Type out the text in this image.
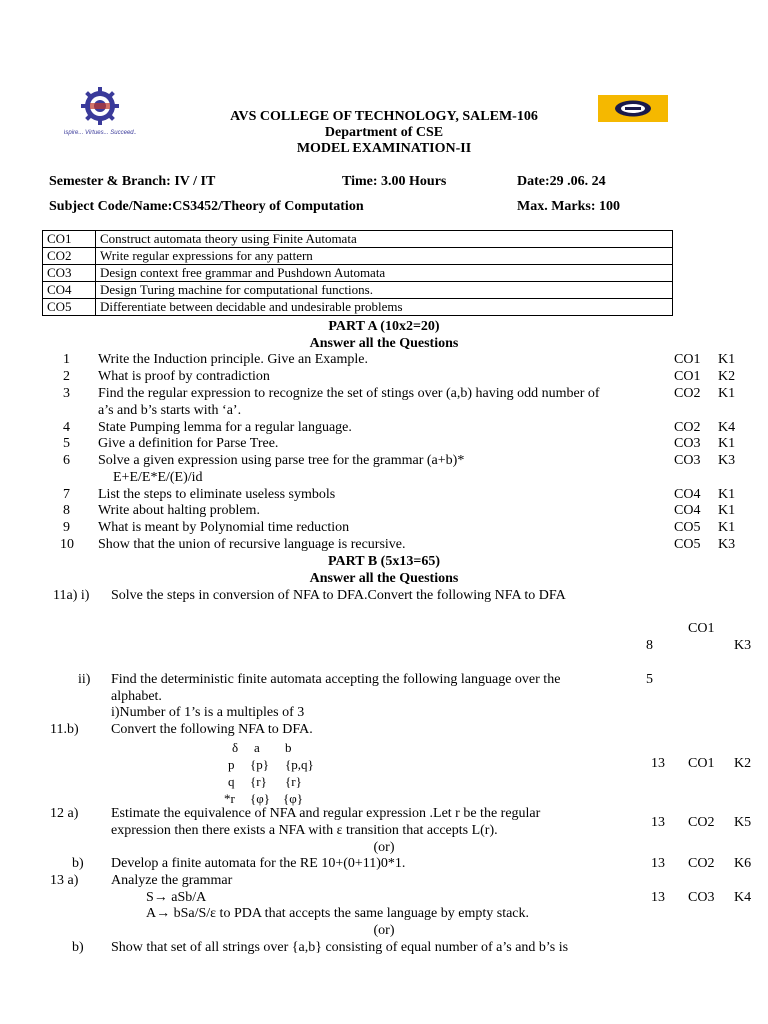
Aspire... Virtues... Succeed...
AVS COLLEGE OF TECHNOLOGY, SALEM-106
Department of CSE
MODEL EXAMINATION-II
Semester & Branch: IV / IT	Time: 3.00 Hours	Date:29 .06. 24
Subject Code/Name:CS3452/Theory of Computation	Max. Marks: 100
CO1	Construct automata theory using Finite Automata
CO2	Write regular expressions for any pattern
CO3	Design context free grammar and Pushdown Automata
CO4	Design Turing machine for computational functions.
CO5	Differentiate between decidable and undesirable problems
PART A (10x2=20)
Answer all the Questions
1 Write the Induction principle. Give an Example.	CO1 K1
2 What is proof by contradiction	CO1 K2
3 Find the regular expression to recognize the set of stings over (a,b) having odd number of	CO2 K1
a’s and b’s starts with ‘a’.
4 State Pumping lemma for a regular language.	CO2 K4
5 Give a definition for Parse Tree.	CO3 K1
6 Solve a given expression using parse tree for the grammar (a+b)*	CO3 K3
E+E/E*E/(E)/id
7 List the steps to eliminate useless symbols	CO4 K1
8 Write about halting problem.	CO4 K1
9 What is meant by Polynomial time reduction	CO5 K1
10 Show that the union of recursive language is recursive.	CO5 K3
PART B (5x13=65)
Answer all the Questions
11a) i) Solve the steps in conversion of NFA to DFA.Convert the following NFA to DFA
CO1
8	K3
ii) Find the deterministic finite automata accepting the following language over the	5
alphabet.
i)Number of 1’s is a multiples of 3
11.b) Convert the following NFA to DFA.
δ a b
p {p} {p,q}
q {r} {r}
*r {φ} {φ}
13 CO1 K2
12 a) Estimate the equivalence of NFA and regular expression .Let r be the regular
expression then there exists a NFA with ε transition that accepts L(r).
13 CO2 K5
(or)
b) Develop a finite automata for the RE 10+(0+11)0*1.	13 CO2 K6
13 a) Analyze the grammar
S→ aSb/A
A→ bSa/S/ε to PDA that accepts the same language by empty stack.
13 CO3 K4
(or)
b) Show that set of all strings over {a,b} consisting of equal number of a’s and b’s is
